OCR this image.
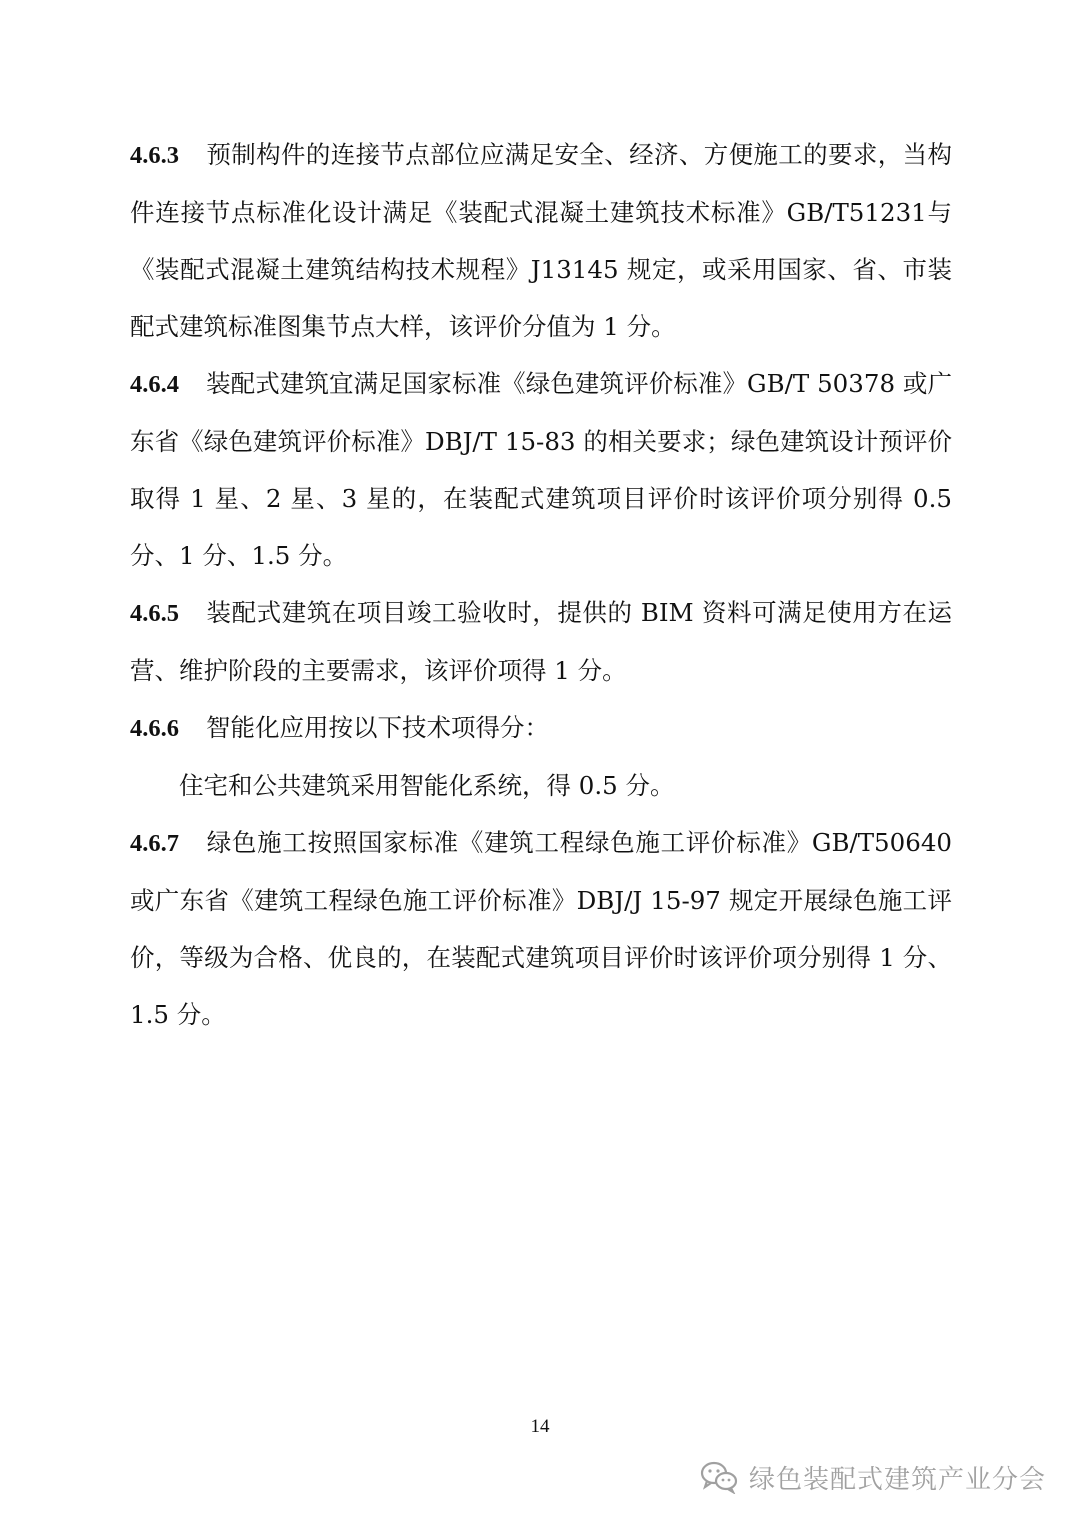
4.6.3 预制构件的连接节点部位应满足安全、经济、方便施工的要求，当构件连接节点标准化设计满足《装配式混凝土建筑技术标准》GB/T51231与《装配式混凝土建筑结构技术规程》J13145 规定，或采用国家、省、市装配式建筑标准图集节点大样，该评价分值为 1 分。

4.6.4 装配式建筑宜满足国家标准《绿色建筑评价标准》GB/T 50378 或广东省《绿色建筑评价标准》DBJ/T 15-83 的相关要求；绿色建筑设计预评价取得 1 星、2 星、3 星的，在装配式建筑项目评价时该评价项分别得 0.5 分、1 分、1.5 分。

4.6.5 装配式建筑在项目竣工验收时，提供的 BIM 资料可满足使用方在运营、维护阶段的主要需求，该评价项得 1 分。

4.6.6 智能化应用按以下技术项得分：

住宅和公共建筑采用智能化系统，得 0.5 分。

4.6.7 绿色施工按照国家标准《建筑工程绿色施工评价标准》GB/T50640或广东省《建筑工程绿色施工评价标准》DBJ/J 15-97 规定开展绿色施工评价，等级为合格、优良的，在装配式建筑项目评价时该评价项分别得 1 分、1.5 分。

14
绿色装配式建筑产业分会
